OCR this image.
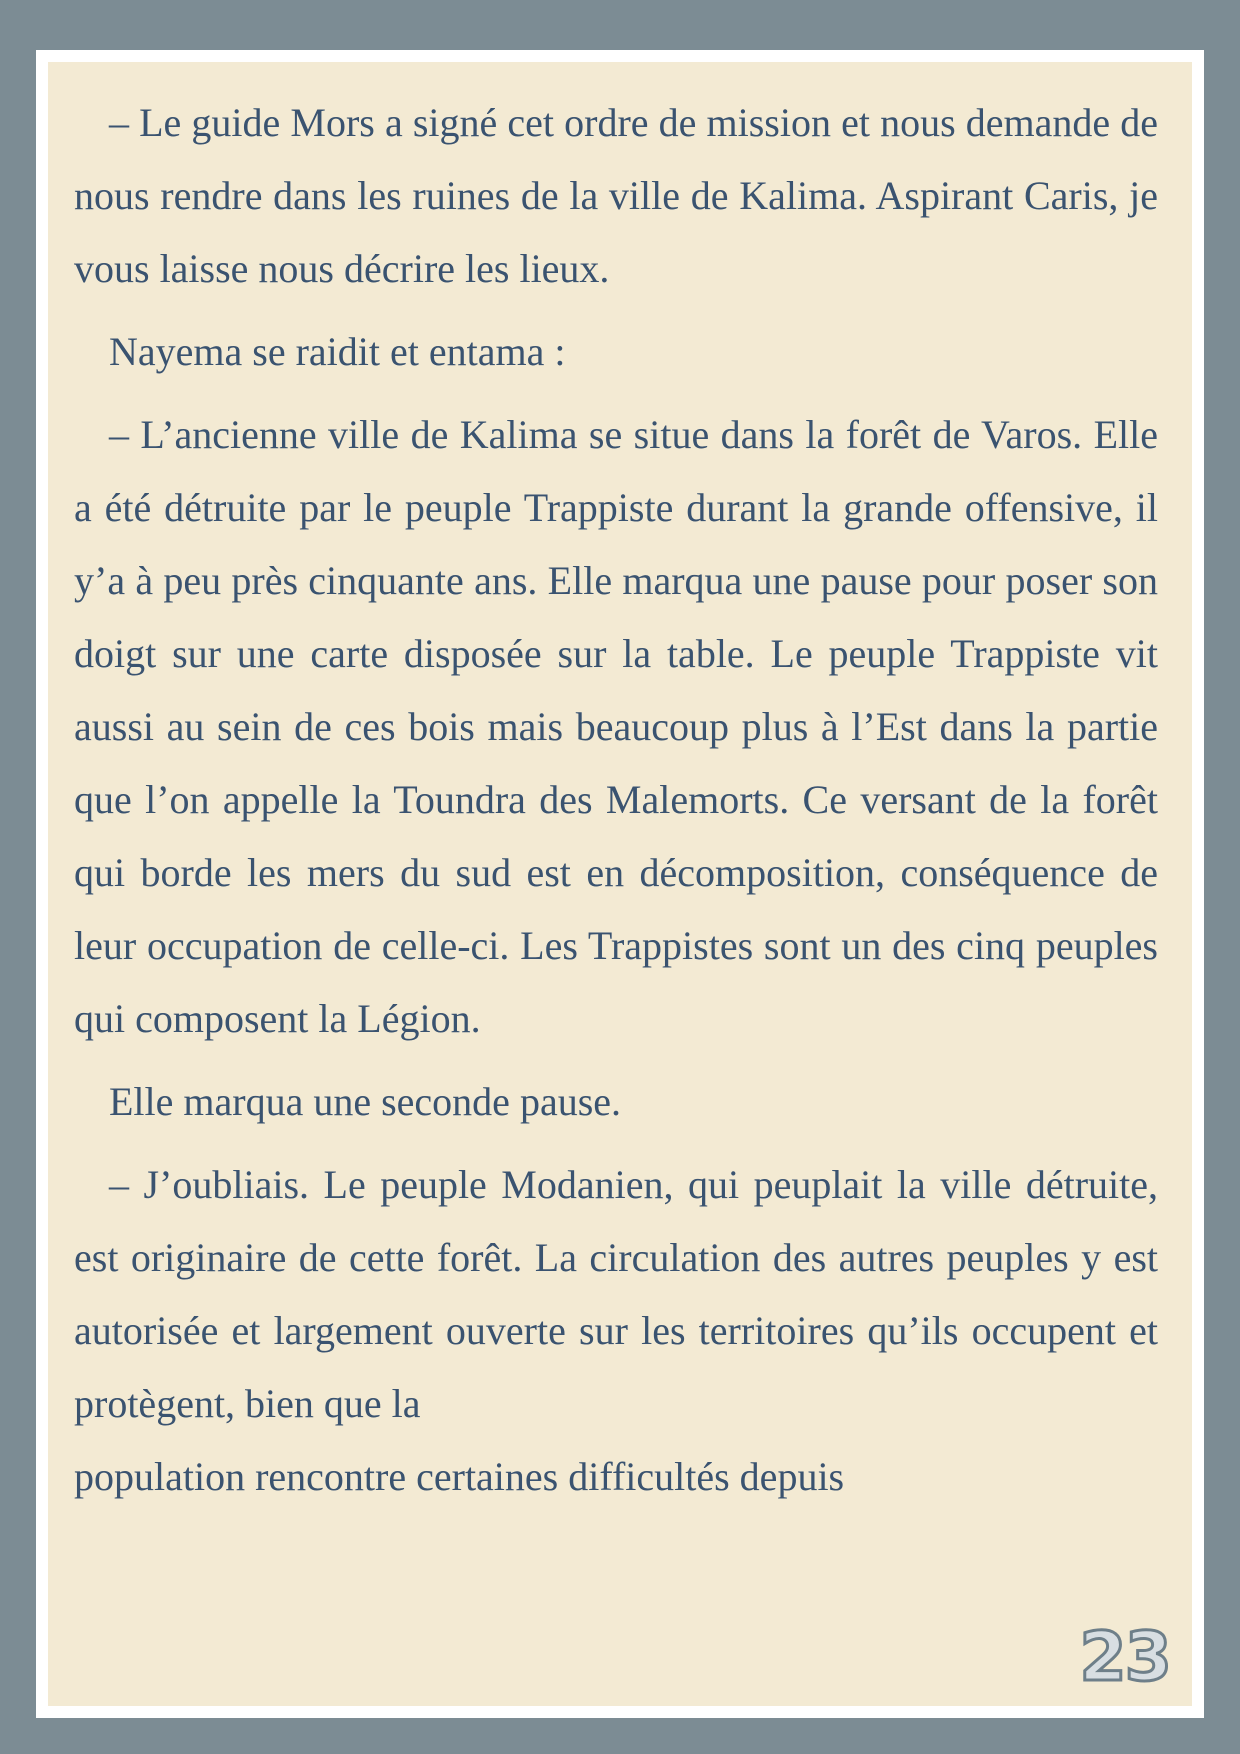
– Le guide Mors a signé cet ordre de mission et nous demande de nous rendre dans les ruines de la ville de Kalima. Aspirant Caris, je vous laisse nous décrire les lieux.

Nayema se raidit et entama :

– L’ancienne ville de Kalima se situe dans la forêt de Varos. Elle a été détruite par le peuple Trappiste durant la grande offensive, il y’a à peu près cinquante ans. Elle marqua une pause pour poser son doigt sur une carte disposée sur la table. Le peuple Trappiste vit aussi au sein de ces bois mais beaucoup plus à l’Est dans la partie que l’on appelle la Toundra des Malemorts. Ce versant de la forêt qui borde les mers du sud est en décomposition, conséquence de leur occupation de celle-ci. Les Trappistes sont un des cinq peuples qui composent la Légion.

Elle marqua une seconde pause.

– J’oubliais. Le peuple Modanien, qui peuplait la ville détruite, est originaire de cette forêt. La circulation des autres peuples y est autorisée et largement ouverte sur les territoires qu’ils occupent et protègent, bien que la

population rencontre certaines difficultés depuis

23
